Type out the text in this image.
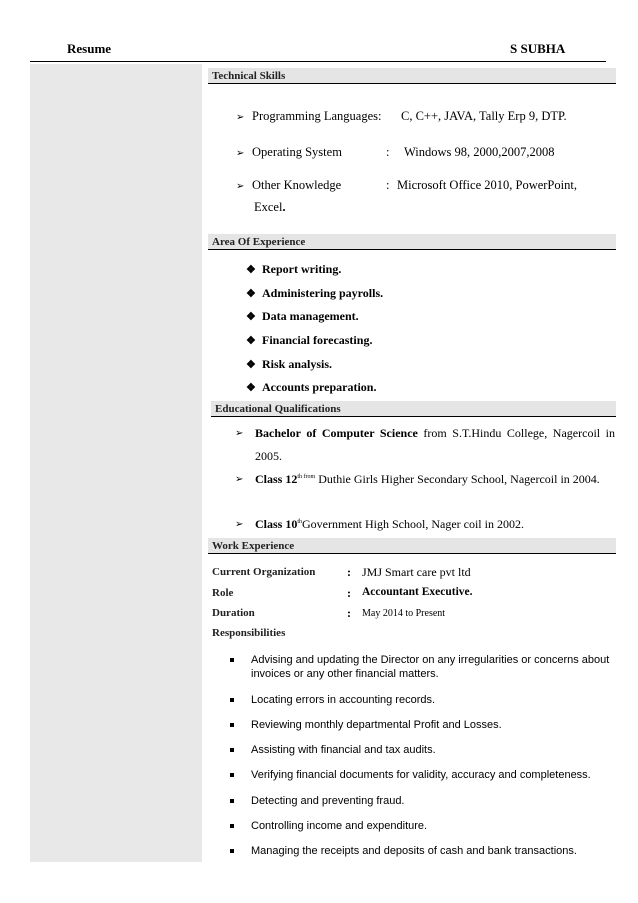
Resume	S SUBHA
Technical Skills
➢ Programming Languages: C, C++, JAVA, Tally Erp 9, DTP.
➢ Operating System	: Windows 98, 2000,2007,2008
➢ Other Knowledge	: Microsoft Office 2010, PowerPoint,
Excel.
Area Of Experience
❖ Report writing.
❖ Administering payrolls.
❖ Data management.
❖ Financial forecasting.
❖ Risk analysis.
❖ Accounts preparation.
Educational Qualifications
➢ Bachelor of Computer Science from S.T.Hindu College, Nagercoil in 2005.
➢ Class $12^{th from}$ Duthie Girls Higher Secondary School, Nagercoil in 2004.
➢ Class 10thGovernment High School, Nager coil in 2002.
Work Experience
Current Organization	: JMJ Smart care pvt ltd
Role	: Accountant Executive.
Duration	: May 2014 to Present
Responsibilities
Advising and updating the Director on any irregularities or concerns about invoices or any other financial matters.
Locating errors in accounting records.
Reviewing monthly departmental Profit and Losses.
Assisting with financial and tax audits.
Verifying financial documents for validity, accuracy and completeness.
Detecting and preventing fraud.
Controlling income and expenditure.
Managing the receipts and deposits of cash and bank transactions.
